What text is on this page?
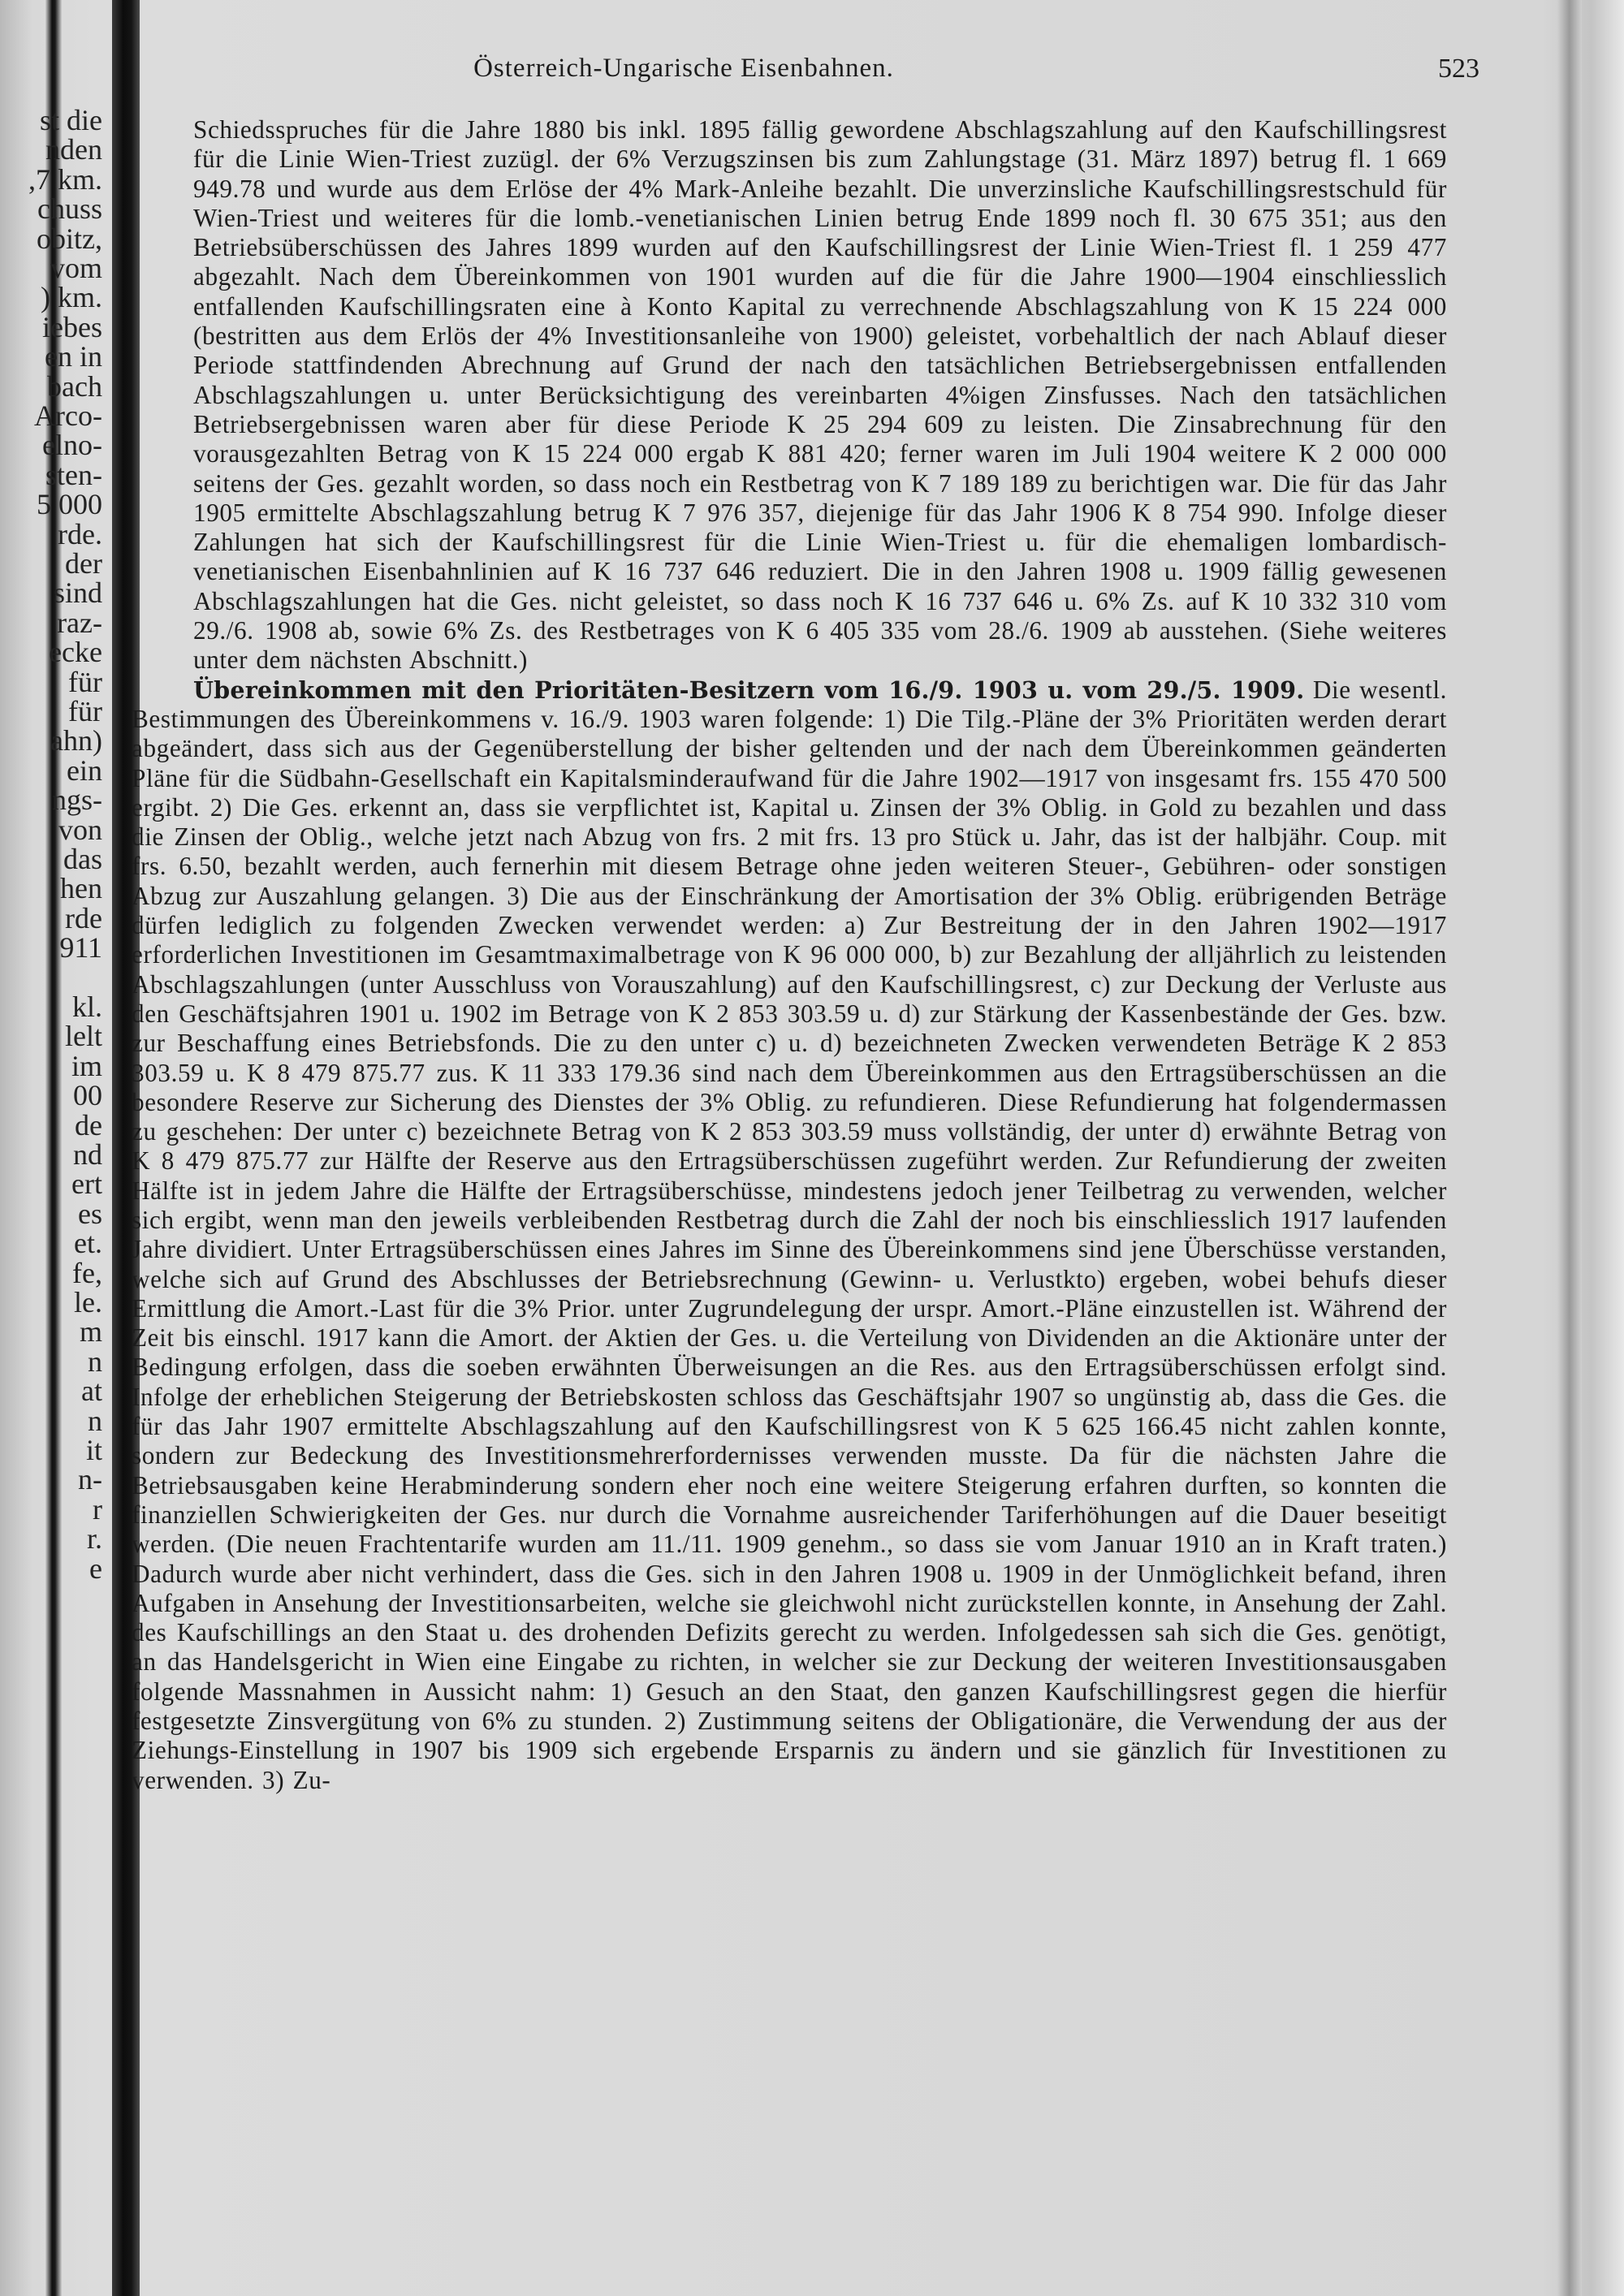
st die
nden
,7 km.
chuss
obitz,
vom
) km.
iebes
en in
bach
Arco-
elno-
sten-
5 000
rde.
der
sind
raz-
ecke
für
für
ahn)
ein
ngs-
von
das
hen
rde
911
kl.
lelt
im
00
de
nd
ert
es
et.
fe,
le.
m
n
at
n
it
n-
r
r.
e
Österreich-Ungarische Eisenbahnen.	523

Schiedsspruches für die Jahre 1880 bis inkl. 1895 fällig gewordene Abschlagszahlung auf den Kaufschillingsrest für die Linie Wien-Triest zuzügl. der 6% Verzugszinsen bis zum Zahlungstage (31. März 1897) betrug fl. 1 669 949.78 und wurde aus dem Erlöse der 4% Mark-Anleihe bezahlt. Die unverzinsliche Kaufschillingsrestschuld für Wien-Triest und weiteres für die lomb.-venetianischen Linien betrug Ende 1899 noch fl. 30 675 351; aus den Betriebsüberschüssen des Jahres 1899 wurden auf den Kaufschillingsrest der Linie Wien-Triest fl. 1 259 477 abgezahlt. Nach dem Übereinkommen von 1901 wurden auf die für die Jahre 1900—1904 einschliesslich entfallenden Kaufschillingsraten eine à Konto Kapital zu verrechnende Abschlagszahlung von K 15 224 000 (bestritten aus dem Erlös der 4% Investitionsanleihe von 1900) geleistet, vorbehaltlich der nach Ablauf dieser Periode stattfindenden Abrechnung auf Grund der nach den tatsächlichen Betriebsergebnissen entfallenden Abschlagszahlungen u. unter Berücksichtigung des vereinbarten 4%igen Zinsfusses. Nach den tatsächlichen Betriebsergebnissen waren aber für diese Periode K 25 294 609 zu leisten. Die Zinsabrechnung für den vorausgezahlten Betrag von K 15 224 000 ergab K 881 420; ferner waren im Juli 1904 weitere K 2 000 000 seitens der Ges. gezahlt worden, so dass noch ein Restbetrag von K 7 189 189 zu berichtigen war. Die für das Jahr 1905 ermittelte Abschlagszahlung betrug K 7 976 357, diejenige für das Jahr 1906 K 8 754 990. Infolge dieser Zahlungen hat sich der Kaufschillingsrest für die Linie Wien-Triest u. für die ehemaligen lombardisch-venetianischen Eisenbahnlinien auf K 16 737 646 reduziert. Die in den Jahren 1908 u. 1909 fällig gewesenen Abschlagszahlungen hat die Ges. nicht geleistet, so dass noch K 16 737 646 u. 6% Zs. auf K 10 332 310 vom 29./6. 1908 ab, sowie 6% Zs. des Restbetrages von K 6 405 335 vom 28./6. 1909 ab ausstehen. (Siehe weiteres unter dem nächsten Abschnitt.)

Übereinkommen mit den Prioritäten-Besitzern vom 16./9. 1903 u. vom 29./5. 1909. Die wesentl. Bestimmungen des Übereinkommens v. 16./9. 1903 waren folgende: 1) Die Tilg.-Pläne der 3% Prioritäten werden derart abgeändert, dass sich aus der Gegenüberstellung der bisher geltenden und der nach dem Übereinkommen geänderten Pläne für die Südbahn-Gesellschaft ein Kapitalsminderaufwand für die Jahre 1902—1917 von insgesamt frs. 155 470 500 ergibt. 2) Die Ges. erkennt an, dass sie verpflichtet ist, Kapital u. Zinsen der 3% Oblig. in Gold zu bezahlen und dass die Zinsen der Oblig., welche jetzt nach Abzug von frs. 2 mit frs. 13 pro Stück u. Jahr, das ist der halbjähr. Coup. mit frs. 6.50, bezahlt werden, auch fernerhin mit diesem Betrage ohne jeden weiteren Steuer-, Gebühren- oder sonstigen Abzug zur Auszahlung gelangen. 3) Die aus der Einschränkung der Amortisation der 3% Oblig. erübrigenden Beträge dürfen lediglich zu folgenden Zwecken verwendet werden: a) Zur Bestreitung der in den Jahren 1902—1917 erforderlichen Investitionen im Gesamtmaximalbetrage von K 96 000 000, b) zur Bezahlung der alljährlich zu leistenden Abschlagszahlungen (unter Ausschluss von Vorauszahlung) auf den Kaufschillingsrest, c) zur Deckung der Verluste aus den Geschäftsjahren 1901 u. 1902 im Betrage von K 2 853 303.59 u. d) zur Stärkung der Kassenbestände der Ges. bzw. zur Beschaffung eines Betriebsfonds. Die zu den unter c) u. d) bezeichneten Zwecken verwendeten Beträge K 2 853 303.59 u. K 8 479 875.77 zus. K 11 333 179.36 sind nach dem Übereinkommen aus den Ertragsüberschüssen an die besondere Reserve zur Sicherung des Dienstes der 3% Oblig. zu refundieren. Diese Refundierung hat folgendermassen zu geschehen: Der unter c) bezeichnete Betrag von K 2 853 303.59 muss vollständig, der unter d) erwähnte Betrag von K 8 479 875.77 zur Hälfte der Reserve aus den Ertragsüberschüssen zugeführt werden. Zur Refundierung der zweiten Hälfte ist in jedem Jahre die Hälfte der Ertragsüberschüsse, mindestens jedoch jener Teilbetrag zu verwenden, welcher sich ergibt, wenn man den jeweils verbleibenden Restbetrag durch die Zahl der noch bis einschliesslich 1917 laufenden Jahre dividiert. Unter Ertragsüberschüssen eines Jahres im Sinne des Übereinkommens sind jene Überschüsse verstanden, welche sich auf Grund des Abschlusses der Betriebsrechnung (Gewinn- u. Verlustkto) ergeben, wobei behufs dieser Ermittlung die Amort.-Last für die 3% Prior. unter Zugrundelegung der urspr. Amort.-Pläne einzustellen ist. Während der Zeit bis einschl. 1917 kann die Amort. der Aktien der Ges. u. die Verteilung von Dividenden an die Aktionäre unter der Bedingung erfolgen, dass die soeben erwähnten Überweisungen an die Res. aus den Ertragsüberschüssen erfolgt sind. Infolge der erheblichen Steigerung der Betriebskosten schloss das Geschäftsjahr 1907 so ungünstig ab, dass die Ges. die für das Jahr 1907 ermittelte Abschlagszahlung auf den Kaufschillingsrest von K 5 625 166.45 nicht zahlen konnte, sondern zur Bedeckung des Investitionsmehrerfordernisses verwenden musste. Da für die nächsten Jahre die Betriebsausgaben keine Herabminderung sondern eher noch eine weitere Steigerung erfahren durften, so konnten die finanziellen Schwierigkeiten der Ges. nur durch die Vornahme ausreichender Tariferhöhungen auf die Dauer beseitigt werden. (Die neuen Frachtentarife wurden am 11./11. 1909 genehm., so dass sie vom Januar 1910 an in Kraft traten.) Dadurch wurde aber nicht verhindert, dass die Ges. sich in den Jahren 1908 u. 1909 in der Unmöglichkeit befand, ihren Aufgaben in Ansehung der Investitionsarbeiten, welche sie gleichwohl nicht zurückstellen konnte, in Ansehung der Zahl. des Kaufschillings an den Staat u. des drohenden Defizits gerecht zu werden. Infolgedessen sah sich die Ges. genötigt, an das Handelsgericht in Wien eine Eingabe zu richten, in welcher sie zur Deckung der weiteren Investitionsausgaben folgende Massnahmen in Aussicht nahm: 1) Gesuch an den Staat, den ganzen Kaufschillingsrest gegen die hierfür festgesetzte Zinsvergütung von 6% zu stunden. 2) Zustimmung seitens der Obligationäre, die Verwendung der aus der Ziehungs-Einstellung in 1907 bis 1909 sich ergebende Ersparnis zu ändern und sie gänzlich für Investitionen zu verwenden. 3) Zu-
